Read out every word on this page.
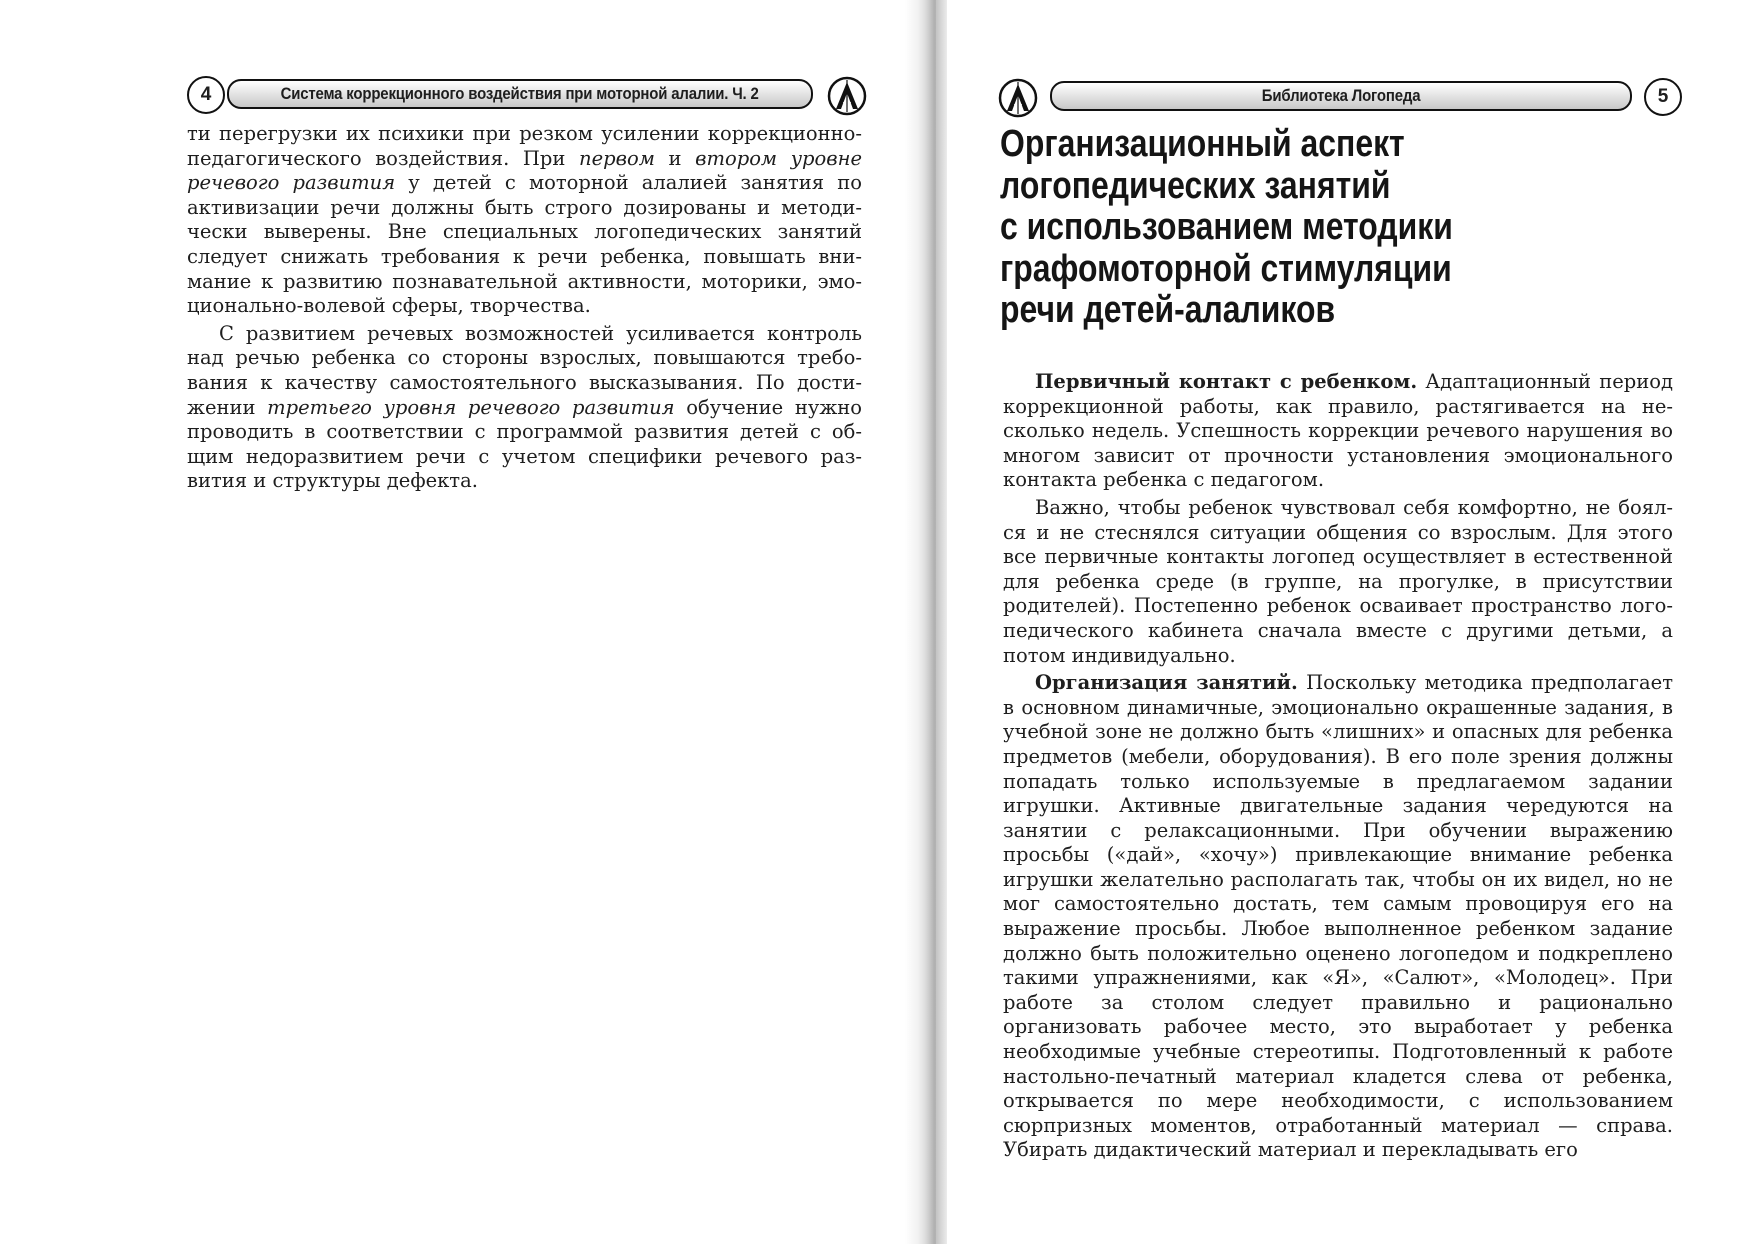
4	Система коррекционного воздействия при моторной алалии. Ч. 2	Библиотека Логопеда	5

ти перегрузки их психики при резком усилении коррекционно-педагогического воздействия. При первом и втором уровне речевого развития у детей с моторной алалией занятия по активизации речи должны быть строго дозированы и методически выверены. Вне специальных логопедических занятий следует снижать требования к речи ребенка, повышать внимание к развитию познавательной активности, моторики, эмоционально-волевой сферы, творчества.

С развитием речевых возможностей усиливается контроль над речью ребенка со стороны взрослых, повышаются требования к качеству самостоятельного высказывания. По достижении третьего уровня речевого развития обучение нужно проводить в соответствии с программой развития детей с общим недоразвитием речи с учетом специфики речевого развития и структуры дефекта.

Организационный аспект
логопедических занятий
с использованием методики
графомоторной стимуляции
речи детей-алаликов

Первичный контакт с ребенком. Адаптационный период коррекционной работы, как правило, растягивается на несколько недель. Успешность коррекции речевого нарушения во многом зависит от прочности установления эмоционального контакта ребенка с педагогом.

Важно, чтобы ребенок чувствовал себя комфортно, не боялся и не стеснялся ситуации общения со взрослым. Для этого все первичные контакты логопед осуществляет в естественной для ребенка среде (в группе, на прогулке, в присутствии родителей). Постепенно ребенок осваивает пространство логопедического кабинета сначала вместе с другими детьми, а потом индивидуально.

Организация занятий. Поскольку методика предполагает в основном динамичные, эмоционально окрашенные задания, в учебной зоне не должно быть «лишних» и опасных для ребенка предметов (мебели, оборудования). В его поле зрения должны попадать только используемые в предлагаемом задании игрушки. Активные двигательные задания чередуются на занятии с релаксационными. При обучении выражению просьбы («дай», «хочу») привлекающие внимание ребенка игрушки желательно располагать так, чтобы он их видел, но не мог самостоятельно достать, тем самым провоцируя его на выражение просьбы. Любое выполненное ребенком задание должно быть положительно оценено логопедом и подкреплено такими упражнениями, как «Я», «Салют», «Молодец». При работе за столом следует правильно и рационально организовать рабочее место, это выработает у ребенка необходимые учебные стереотипы. Подготовленный к работе настольно-печатный материал кладется слева от ребенка, открывается по мере необходимости, с использованием сюрпризных моментов, отработанный материал — справа. Убирать дидактический материал и перекладывать его
